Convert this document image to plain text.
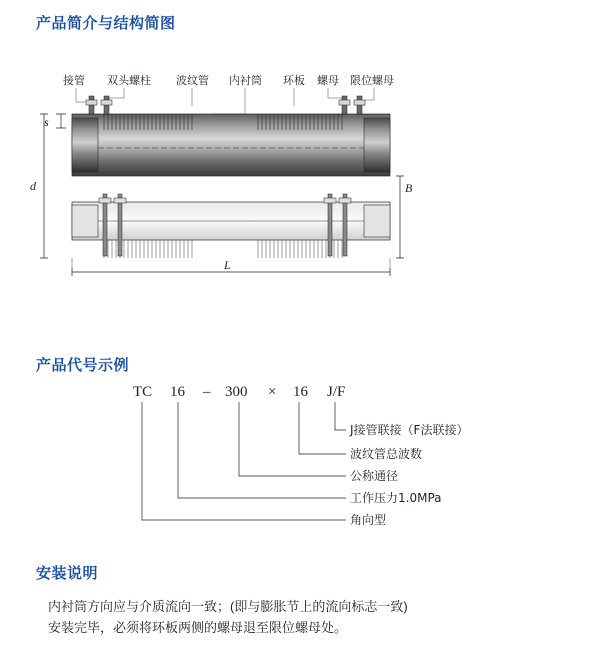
产品简介与结构简图
产品代号示例
安装说明
接管 双头螺柱 波纹管 内衬筒 环板 螺母 限位螺母
s
d	B
L
TC 16 – 300 × 16 J/F
J接管联接（F法联接）
波纹管总波数
公称通径
工作压力1.0MPa
角向型
内衬筒方向应与介质流向一致；(即与膨胀节上的流向标志一致)
安装完毕，必须将环板两侧的螺母退至限位螺母处。
